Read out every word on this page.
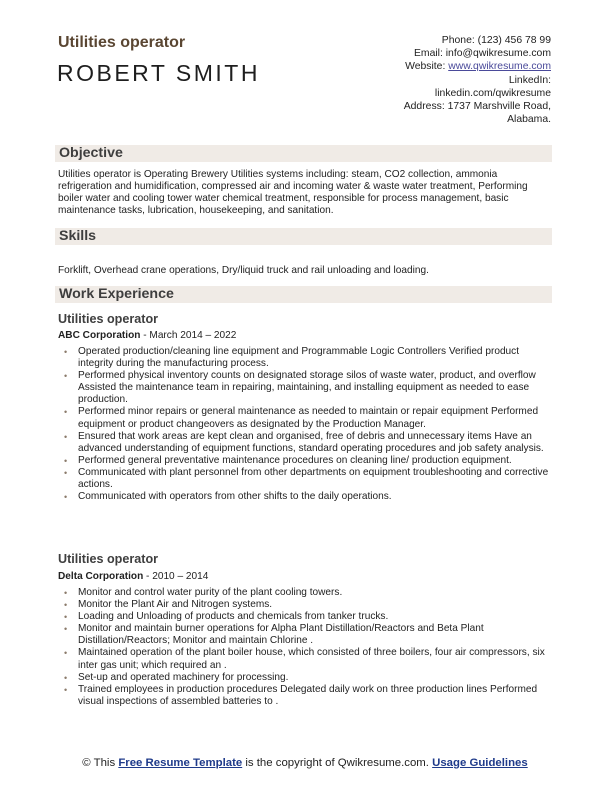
Utilities operator
ROBERT SMITH
Phone: (123) 456 78 99
Email: info@qwikresume.com
Website: www.qwikresume.com
LinkedIn:
linkedin.com/qwikresume
Address: 1737 Marshville Road,
Alabama.
Objective
Utilities operator is Operating Brewery Utilities systems including: steam, CO2 collection, ammonia refrigeration and humidification, compressed air and incoming water & waste water treatment, Performing boiler water and cooling tower water chemical treatment, responsible for process management, basic maintenance tasks, lubrication, housekeeping, and sanitation.
Skills
Forklift, Overhead crane operations, Dry/liquid truck and rail unloading and loading.
Work Experience
Utilities operator
ABC Corporation - March 2014 – 2022
• Operated production/cleaning line equipment and Programmable Logic Controllers Verified product integrity during the manufacturing process.
• Performed physical inventory counts on designated storage silos of waste water, product, and overflow Assisted the maintenance team in repairing, maintaining, and installing equipment as needed to ease production.
• Performed minor repairs or general maintenance as needed to maintain or repair equipment Performed equipment or product changeovers as designated by the Production Manager.
• Ensured that work areas are kept clean and organised, free of debris and unnecessary items Have an advanced understanding of equipment functions, standard operating procedures and job safety analysis.
• Performed general preventative maintenance procedures on cleaning line/ production equipment.
• Communicated with plant personnel from other departments on equipment troubleshooting and corrective actions.
• Communicated with operators from other shifts to the daily operations.
Utilities operator
Delta Corporation - 2010 – 2014
• Monitor and control water purity of the plant cooling towers.
• Monitor the Plant Air and Nitrogen systems.
• Loading and Unloading of products and chemicals from tanker trucks.
• Monitor and maintain burner operations for Alpha Plant Distillation/Reactors and Beta Plant Distillation/Reactors; Monitor and maintain Chlorine .
• Maintained operation of the plant boiler house, which consisted of three boilers, four air compressors, six inter gas unit; which required an .
• Set-up and operated machinery for processing.
• Trained employees in production procedures Delegated daily work on three production lines Performed visual inspections of assembled batteries to .
© This Free Resume Template is the copyright of Qwikresume.com. Usage Guidelines
